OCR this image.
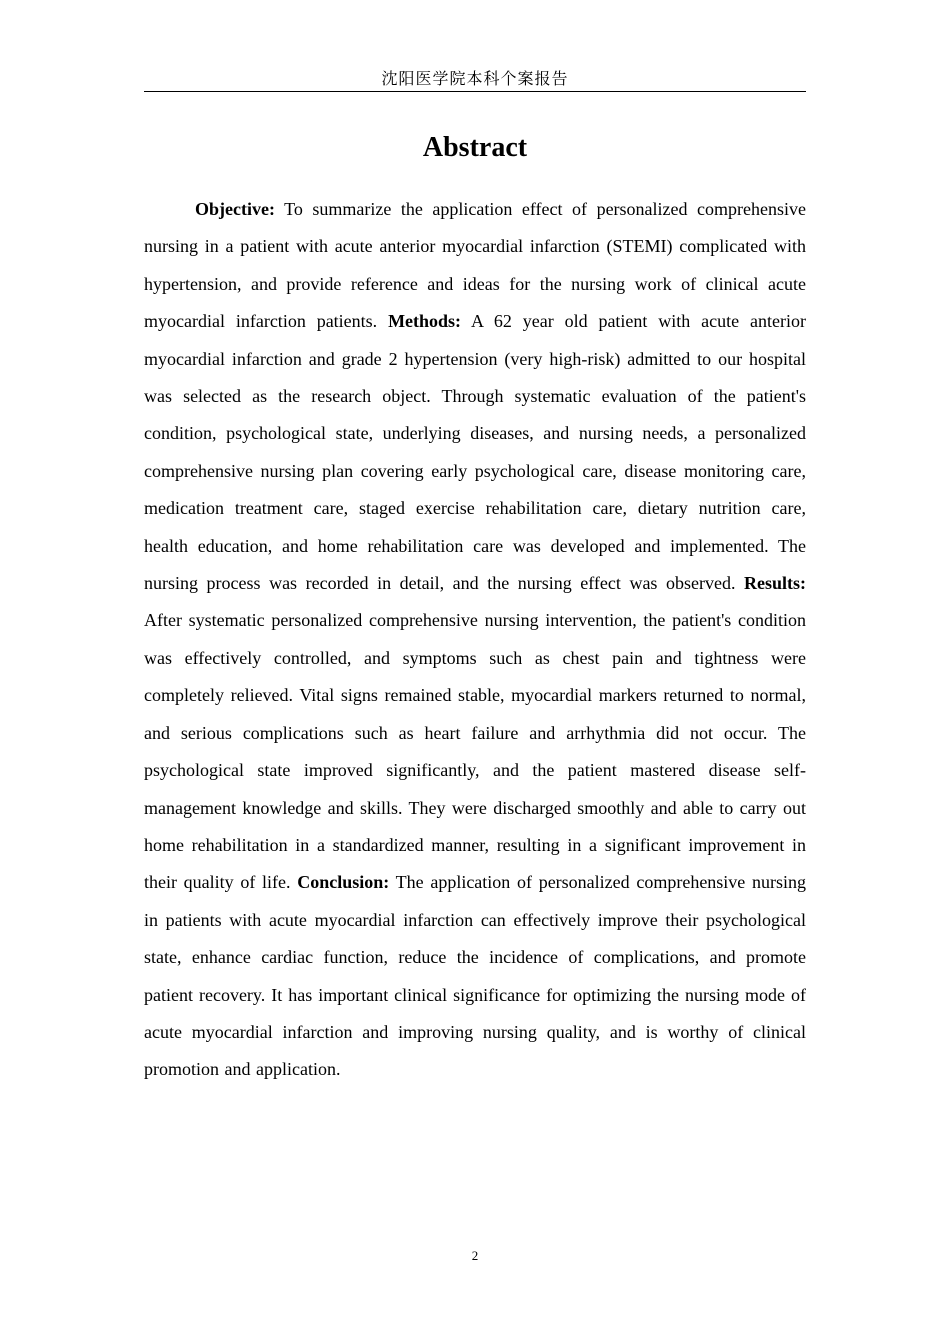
沈阳医学院本科个案报告
Abstract

Objective: To summarize the application effect of personalized comprehensive nursing in a patient with acute anterior myocardial infarction (STEMI) complicated with hypertension, and provide reference and ideas for the nursing work of clinical acute myocardial infarction patients. Methods: A 62 year old patient with acute anterior myocardial infarction and grade 2 hypertension (very high-risk) admitted to our hospital was selected as the research object. Through systematic evaluation of the patient's condition, psychological state, underlying diseases, and nursing needs, a personalized comprehensive nursing plan covering early psychological care, disease monitoring care, medication treatment care, staged exercise rehabilitation care, dietary nutrition care, health education, and home rehabilitation care was developed and implemented. The nursing process was recorded in detail, and the nursing effect was observed. Results: After systematic personalized comprehensive nursing intervention, the patient's condition was effectively controlled, and symptoms such as chest pain and tightness were completely relieved. Vital signs remained stable, myocardial markers returned to normal, and serious complications such as heart failure and arrhythmia did not occur. The psychological state improved significantly, and the patient mastered disease self-management knowledge and skills. They were discharged smoothly and able to carry out home rehabilitation in a standardized manner, resulting in a significant improvement in their quality of life. Conclusion: The application of personalized comprehensive nursing in patients with acute myocardial infarction can effectively improve their psychological state, enhance cardiac function, reduce the incidence of complications, and promote patient recovery. It has important clinical significance for optimizing the nursing mode of acute myocardial infarction and improving nursing quality, and is worthy of clinical promotion and application.

2
